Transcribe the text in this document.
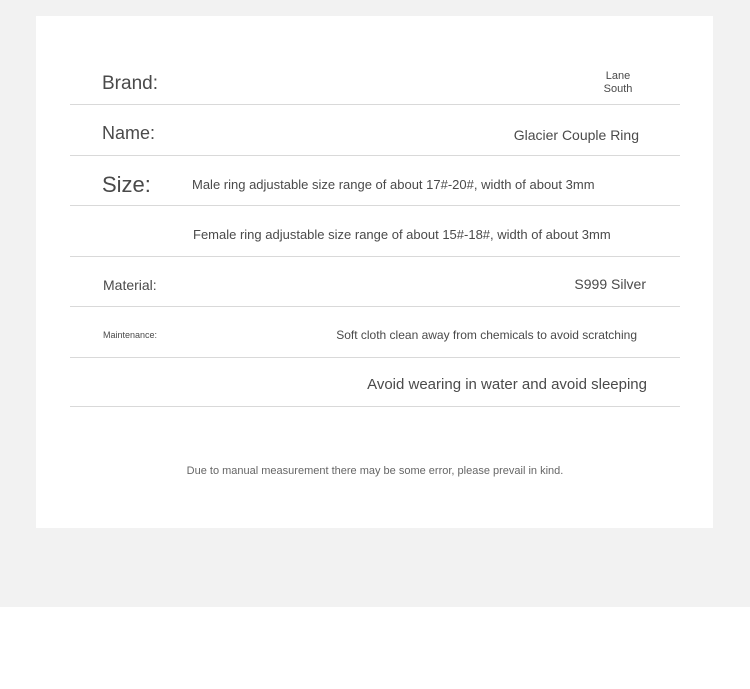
Brand:	Lane South
Name:	Glacier Couple Ring
Size:	Male ring adjustable size range of about 17#-20#, width of about 3mm
Female ring adjustable size range of about 15#-18#, width of about 3mm
Material:	S999 Silver
Maintenance:	Soft cloth clean away from chemicals to avoid scratching
Avoid wearing in water and avoid sleeping
Due to manual measurement there may be some error, please prevail in kind.
